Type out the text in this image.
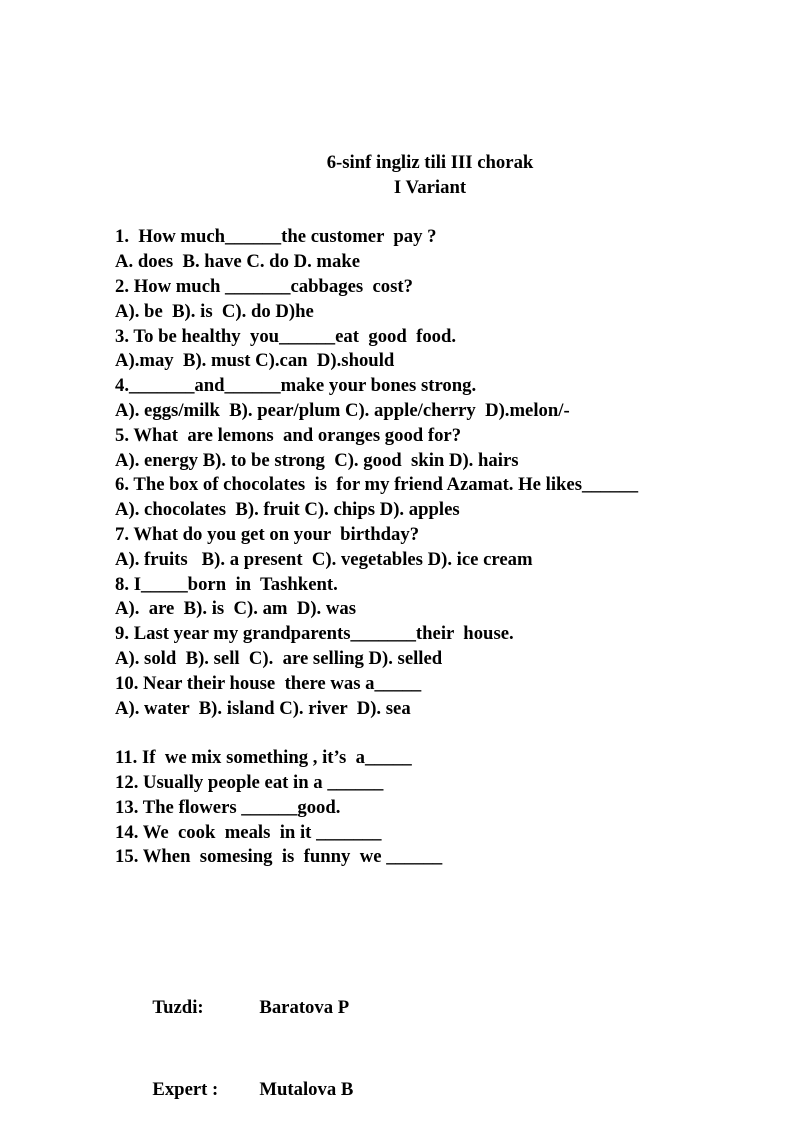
6-sinf ingliz tili III chorak
I Variant
1.  How much______the customer  pay ?
A. does  B. have C. do D. make
2. How much _______cabbages  cost?
A). be  B). is  C). do D)he
3. To be healthy  you______eat  good  food.
A).may  B). must C).can  D).should
4._______and______make your bones strong.
A). eggs/milk  B). pear/plum C). apple/cherry  D).melon/-
5. What  are lemons  and oranges good for?
A). energy B). to be strong  C). good  skin D). hairs
6. The box of chocolates  is  for my friend Azamat. He likes______
A). chocolates  B). fruit C). chips D). apples
7. What do you get on your  birthday?
A). fruits   B). a present  C). vegetables D). ice cream
8. I_____born  in  Tashkent.
A).  are  B). is  C). am  D). was
9. Last year my grandparents_______their  house.
A). sold  B). sell  C).  are selling D). selled
10. Near their house  there was a_____
A). water  B). island C). river  D). sea
11. If  we mix something , it’s  a_____
12. Usually people eat in a ______
13. The flowers ______good.
14. We  cook  meals  in it _______
15. When  somesing  is  funny  we ______

Tuzdi:	Baratova P

Expert : Mutalova B
